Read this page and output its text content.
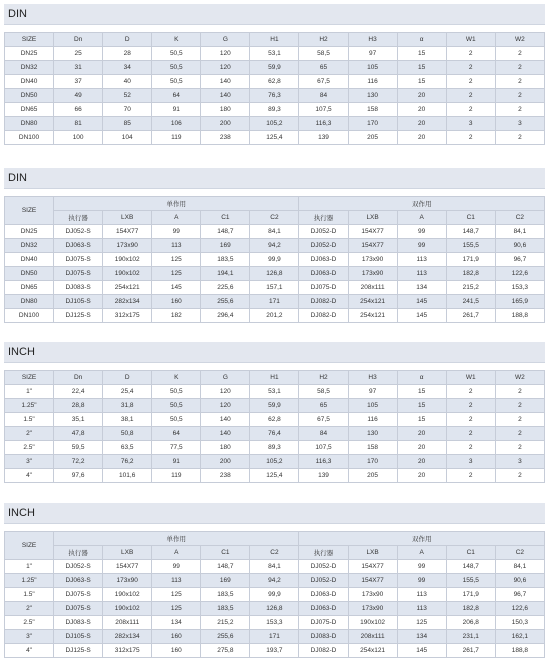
DIN
SIZE	Dn	D	K	G	H1	H2	H3	α	W1	W2
DN25	25	28	50,5	120	53,1	58,5	97	15	2	2
DN32	31	34	50,5	120	59,9	65	105	15	2	2
DN40	37	40	50,5	140	62,8	67,5	116	15	2	2
DN50	49	52	64	140	76,3	84	130	20	2	2
DN65	66	70	91	180	89,3	107,5	158	20	2	2
DN80	81	85	106	200	105,2	116,3	170	20	3	3
DN100	100	104	119	238	125,4	139	205	20	2	2
DIN
SIZE	单作用					双作用				
	执行器	LXB	A	C1	C2	执行器	LXB	A	C1	C2
DN25	DJ052-S	154X77	99	148,7	84,1	DJ052-D	154X77	99	148,7	84,1
DN32	DJ063-S	173x90	113	169	94,2	DJ052-D	154X77	99	155,5	90,6
DN40	DJ075-S	190x102	125	183,5	99,9	DJ063-D	173x90	113	171,9	96,7
DN50	DJ075-S	190x102	125	194,1	126,8	DJ063-D	173x90	113	182,8	122,6
DN65	DJ083-S	254x121	145	225,6	157,1	DJ075-D	208x111	134	215,2	153,3
DN80	DJ105-S	282x134	160	255,6	171	DJ082-D	254x121	145	241,5	165,9
DN100	DJ125-S	312x175	182	296,4	201,2	DJ082-D	254x121	145	261,7	188,8
INCH
SIZE	Dn	D	K	G	H1	H2	H3	α	W1	W2
1"	22,4	25,4	50,5	120	53,1	58,5	97	15	2	2
1.25"	28,8	31,8	50,5	120	59,9	65	105	15	2	2
1.5"	35,1	38,1	50,5	140	62,8	67,5	116	15	2	2
2"	47,8	50,8	64	140	76,4	84	130	20	2	2
2.5"	59,5	63,5	77,5	180	89,3	107,5	158	20	2	2
3"	72,2	76,2	91	200	105,2	116,3	170	20	3	3
4"	97,6	101,6	119	238	125,4	139	205	20	2	2
INCH
SIZE	单作用					双作用				
	执行器	LXB	A	C1	C2	执行器	LXB	A	C1	C2
1"	DJ052-S	154X77	99	148,7	84,1	DJ052-D	154X77	99	148,7	84,1
1.25"	DJ063-S	173x90	113	169	94,2	DJ052-D	154X77	99	155,5	90,6
1.5"	DJ075-S	190x102	125	183,5	99,9	DJ063-D	173x90	113	171,9	96,7
2"	DJ075-S	190x102	125	183,5	126,8	DJ063-D	173x90	113	182,8	122,6
2.5"	DJ083-S	208x111	134	215,2	153,3	DJ075-D	190x102	125	206,8	150,3
3"	DJ105-S	282x134	160	255,6	171	DJ083-D	208x111	134	231,1	162,1
4"	DJ125-S	312x175	160	275,8	193,7	DJ082-D	254x121	145	261,7	188,8
